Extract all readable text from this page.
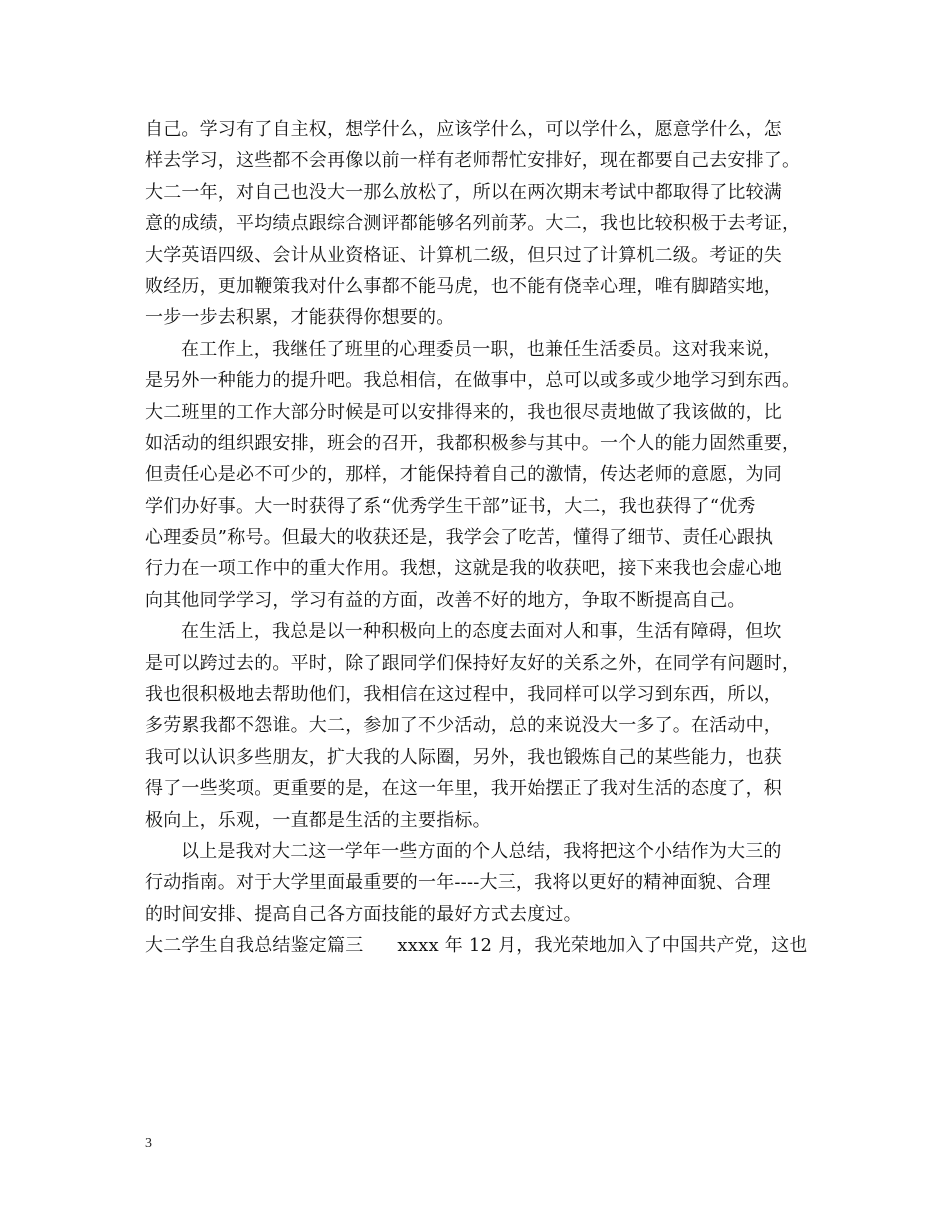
自己。学习有了自主权，想学什么，应该学什么，可以学什么，愿意学什么，怎
样去学习，这些都不会再像以前一样有老师帮忙安排好，现在都要自己去安排了。
大二一年，对自己也没大一那么放松了，所以在两次期末考试中都取得了比较满
意的成绩，平均绩点跟综合测评都能够名列前茅。大二，我也比较积极于去考证，
大学英语四级、会计从业资格证、计算机二级，但只过了计算机二级。考证的失
败经历，更加鞭策我对什么事都不能马虎，也不能有侥幸心理，唯有脚踏实地，
一步一步去积累，才能获得你想要的。
在工作上，我继任了班里的心理委员一职，也兼任生活委员。这对我来说，
是另外一种能力的提升吧。我总相信，在做事中，总可以或多或少地学习到东西。
大二班里的工作大部分时候是可以安排得来的，我也很尽责地做了我该做的，比
如活动的组织跟安排，班会的召开，我都积极参与其中。一个人的能力固然重要，
但责任心是必不可少的，那样，才能保持着自己的激情，传达老师的意愿，为同
学们办好事。大一时获得了系“优秀学生干部”证书，大二，我也获得了“优秀
心理委员”称号。但最大的收获还是，我学会了吃苦，懂得了细节、责任心跟执
行力在一项工作中的重大作用。我想，这就是我的收获吧，接下来我也会虚心地
向其他同学学习，学习有益的方面，改善不好的地方，争取不断提高自己。
在生活上，我总是以一种积极向上的态度去面对人和事，生活有障碍，但坎
是可以跨过去的。平时，除了跟同学们保持好友好的关系之外，在同学有问题时，
我也很积极地去帮助他们，我相信在这过程中，我同样可以学习到东西，所以，
多劳累我都不怨谁。大二，参加了不少活动，总的来说没大一多了。在活动中，
我可以认识多些朋友，扩大我的人际圈，另外，我也锻炼自己的某些能力，也获
得了一些奖项。更重要的是，在这一年里，我开始摆正了我对生活的态度了，积
极向上，乐观，一直都是生活的主要指标。
以上是我对大二这一学年一些方面的个人总结，我将把这个小结作为大三的
行动指南。对于大学里面最重要的一年----大三，我将以更好的精神面貌、合理
的时间安排、提高自己各方面技能的最好方式去度过。
大二学生自我总结鉴定篇三 xxxx 年 12 月，我光荣地加入了中国共产党，这也
3
